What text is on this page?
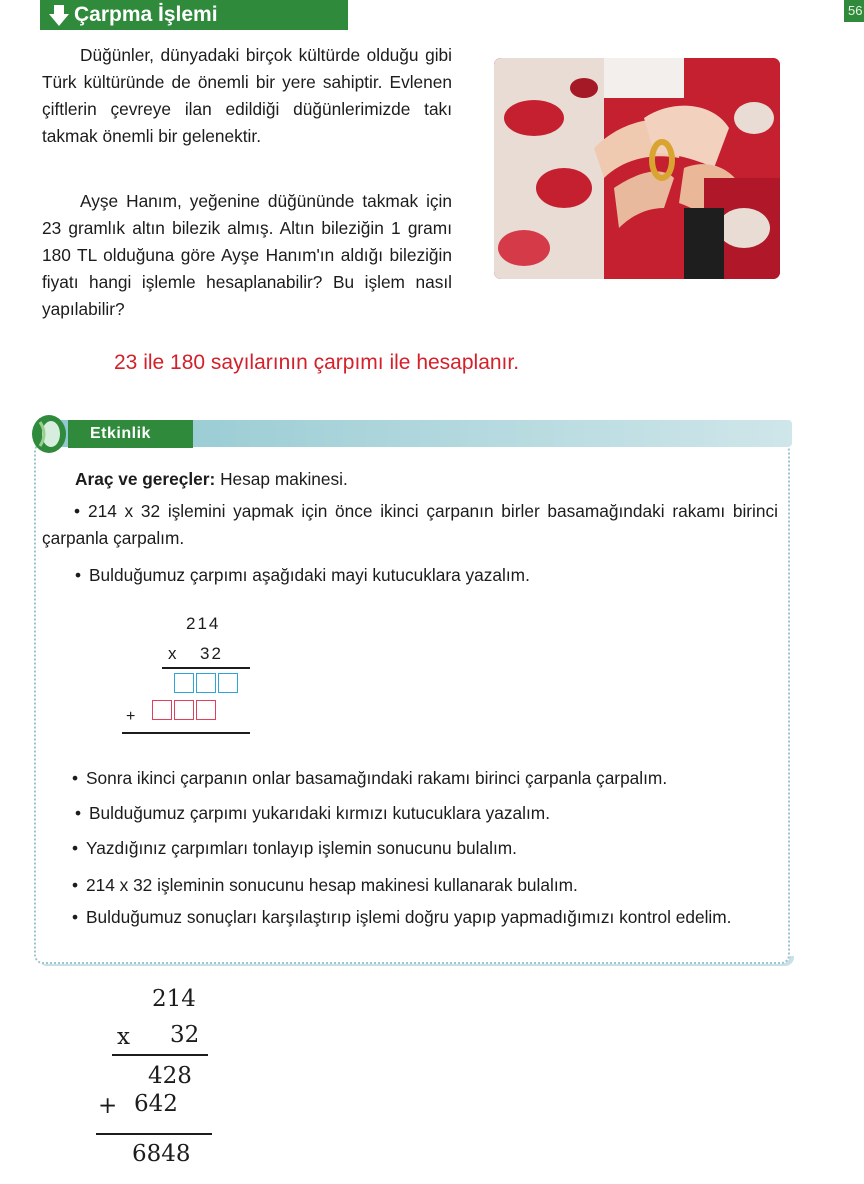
Çarpma İşlemi	56
Düğünler, dünyadaki birçok kültürde olduğu gibi Türk kültüründe de önemli bir yere sahiptir. Evlenen çiftlerin çevreye ilan edildiği düğünlerimizde takı takmak önemli bir gelenektir.
Ayşe Hanım, yeğenine düğününde takmak için 23 gramlık altın bilezik almış. Altın bileziğin 1 gramı 180 TL olduğuna göre Ayşe Hanım'ın aldığı bileziğin fiyatı hangi işlemle hesaplanabilir? Bu işlem nasıl yapılabilir?
23 ile 180 sayılarının çarpımı ile hesaplanır.
Etkinlik
Araç ve gereçler: Hesap makinesi.
• 214 x 32 işlemini yapmak için önce ikinci çarpanın birler basamağındaki rakamı birinci çarpanla çarpalım.
• Bulduğumuz çarpımı aşağıdaki mayi kutucuklara yazalım.
214
x 32
+
• Sonra ikinci çarpanın onlar basamağındaki rakamı birinci çarpanla çarpalım.
• Bulduğumuz çarpımı yukarıdaki kırmızı kutucuklara yazalım.
• Yazdığınız çarpımları tonlayıp işlemin sonucunu bulalım.
• 214 x 32 işleminin sonucunu hesap makinesi kullanarak bulalım.
• Bulduğumuz sonuçları karşılaştırıp işlemi doğru yapıp yapmadığımızı kontrol edelim.
214
x 32
428
+ 642
6848
